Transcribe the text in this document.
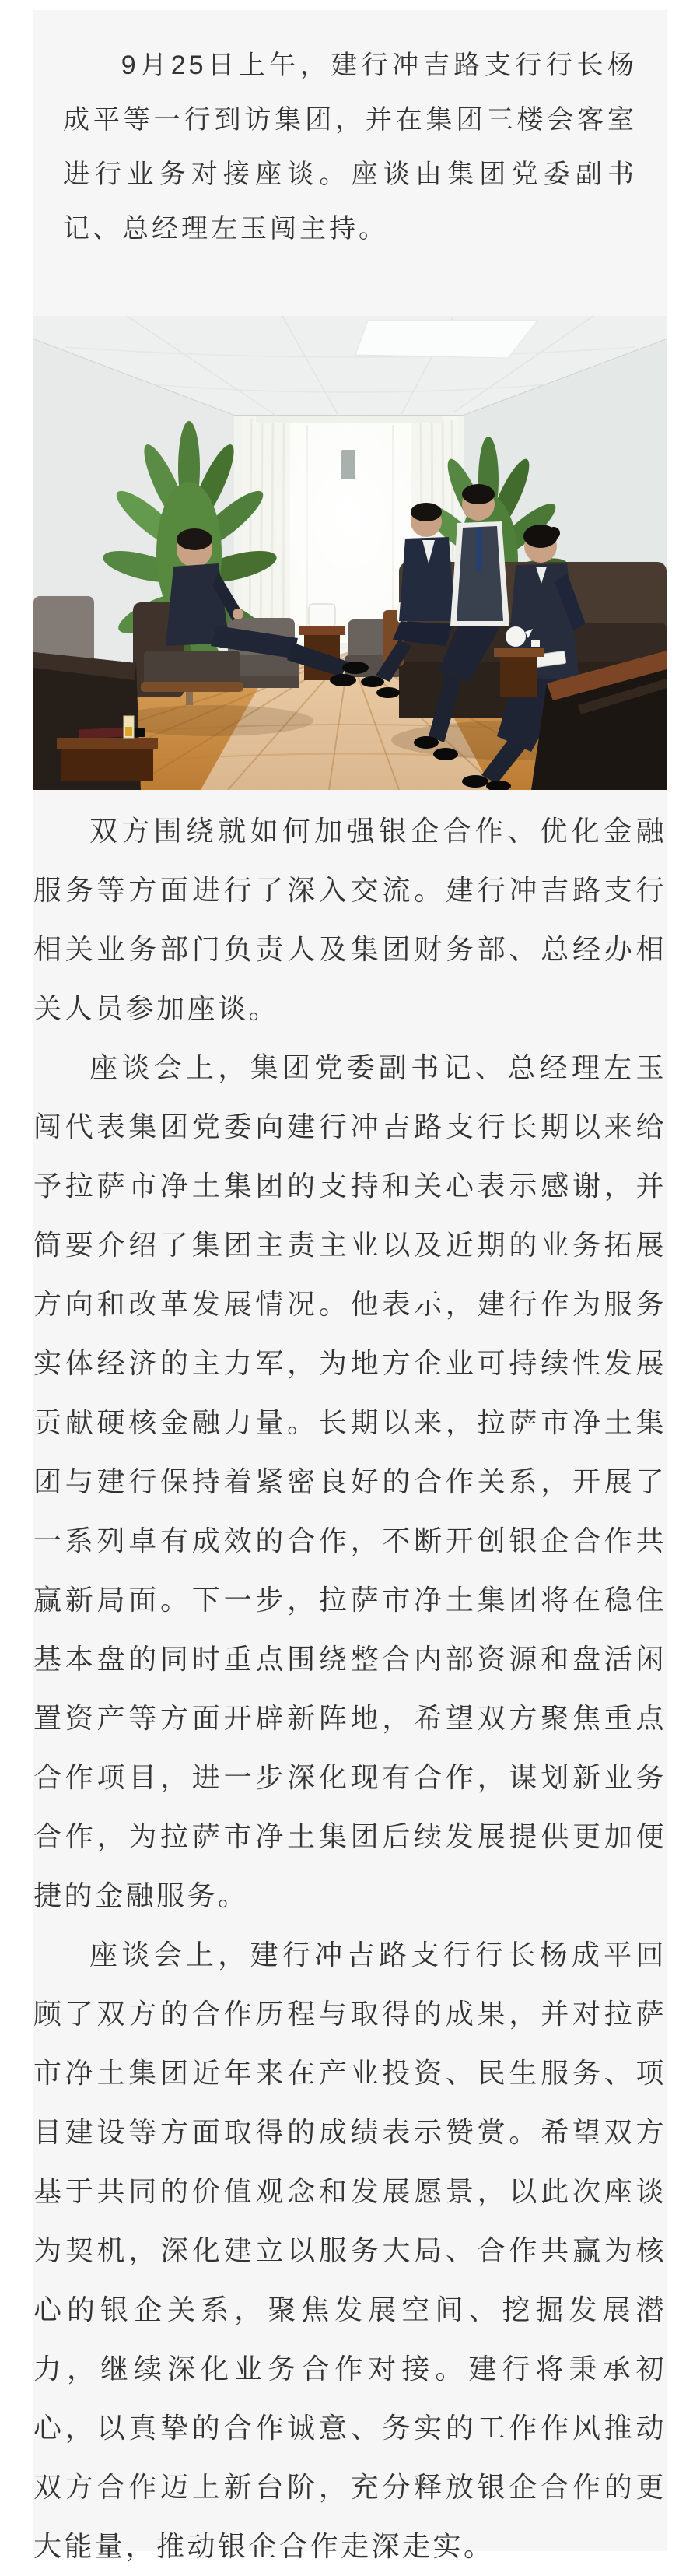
9月25日上午，建行冲吉路支行行长杨成平等一行到访集团，并在集团三楼会客室进行业务对接座谈。座谈由集团党委副书记、总经理左玉闯主持。

双方围绕就如何加强银企合作、优化金融服务等方面进行了深入交流。建行冲吉路支行相关业务部门负责人及集团财务部、总经办相关人员参加座谈。

座谈会上，集团党委副书记、总经理左玉闯代表集团党委向建行冲吉路支行长期以来给予拉萨市净土集团的支持和关心表示感谢，并简要介绍了集团主责主业以及近期的业务拓展方向和改革发展情况。他表示，建行作为服务实体经济的主力军，为地方企业可持续性发展贡献硬核金融力量。长期以来，拉萨市净土集团与建行保持着紧密良好的合作关系，开展了一系列卓有成效的合作，不断开创银企合作共赢新局面。下一步，拉萨市净土集团将在稳住基本盘的同时重点围绕整合内部资源和盘活闲置资产等方面开辟新阵地，希望双方聚焦重点合作项目，进一步深化现有合作，谋划新业务合作，为拉萨市净土集团后续发展提供更加便捷的金融服务。

座谈会上，建行冲吉路支行行长杨成平回顾了双方的合作历程与取得的成果，并对拉萨市净土集团近年来在产业投资、民生服务、项目建设等方面取得的成绩表示赞赏。希望双方基于共同的价值观念和发展愿景，以此次座谈为契机，深化建立以服务大局、合作共赢为核心的银企关系，聚焦发展空间、挖掘发展潜力，继续深化业务合作对接。建行将秉承初心，以真挚的合作诚意、务实的工作作风推动双方合作迈上新台阶，充分释放银企合作的更大能量，推动银企合作走深走实。
